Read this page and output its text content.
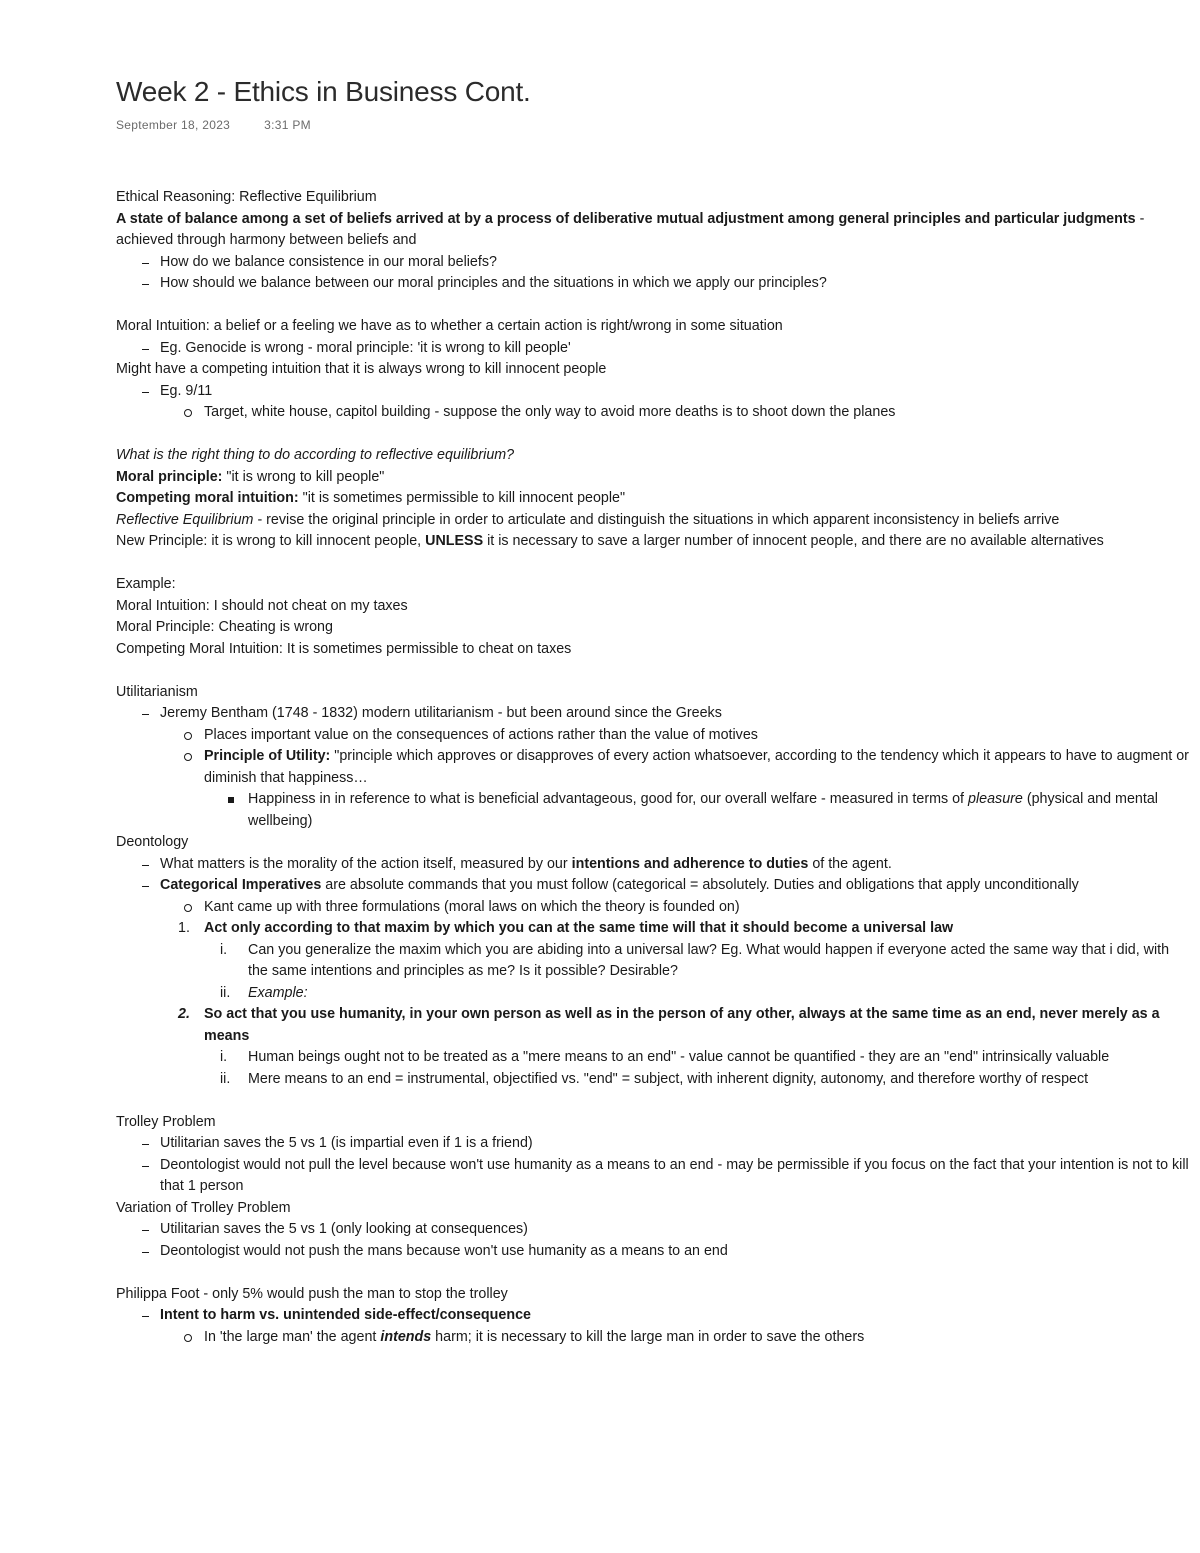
Week 2 - Ethics in Business Cont.
September 18, 2023	3:31 PM
Ethical Reasoning: Reflective Equilibrium
A state of balance among a set of beliefs arrived at by a process of deliberative mutual adjustment among general principles and particular judgments - achieved through harmony between beliefs and
How do we balance consistence in our moral beliefs?
How should we balance between our moral principles and the situations in which we apply our principles?
Moral Intuition: a belief or a feeling we have as to whether a certain action is right/wrong in some situation
Eg. Genocide is wrong - moral principle: 'it is wrong to kill people'
Might have a competing intuition that it is always wrong to kill innocent people
Eg. 9/11
Target, white house, capitol building - suppose the only way to avoid more deaths is to shoot down the planes
What is the right thing to do according to reflective equilibrium?
Moral principle: "it is wrong to kill people"
Competing moral intuition: "it is sometimes permissible to kill innocent people"
Reflective Equilibrium - revise the original principle in order to articulate and distinguish the situations in which apparent inconsistency in beliefs arrive
New Principle: it is wrong to kill innocent people, UNLESS it is necessary to save a larger number of innocent people, and there are no available alternatives
Example:
Moral Intuition: I should not cheat on my taxes
Moral Principle: Cheating is wrong
Competing Moral Intuition: It is sometimes permissible to cheat on taxes
Utilitarianism
Jeremy Bentham (1748 - 1832) modern utilitarianism - but been around since the Greeks
Places important value on the consequences of actions rather than the value of motives
Principle of Utility: "principle which approves or disapproves of every action whatsoever, according to the tendency which it appears to have to augment or diminish that happiness…
Happiness in in reference to what is beneficial advantageous, good for, our overall welfare - measured in terms of pleasure (physical and mental wellbeing)
Deontology
What matters is the morality of the action itself, measured by our intentions and adherence to duties of the agent.
Categorical Imperatives are absolute commands that you must follow (categorical = absolutely. Duties and obligations that apply unconditionally
Kant came up with three formulations (moral laws on which the theory is founded on)
1. Act only according to that maxim by which you can at the same time will that it should become a universal law
i. Can you generalize the maxim which you are abiding into a universal law? Eg. What would happen if everyone acted the same way that i did, with the same intentions and principles as me? Is it possible? Desirable?
ii. Example:
2. So act that you use humanity, in your own person as well as in the person of any other, always at the same time as an end, never merely as a means
i. Human beings ought not to be treated as a "mere means to an end" - value cannot be quantified - they are an "end" intrinsically valuable
ii. Mere means to an end = instrumental, objectified vs. "end" = subject, with inherent dignity, autonomy, and therefore worthy of respect
Trolley Problem
Utilitarian saves the 5 vs 1 (is impartial even if 1 is a friend)
Deontologist would not pull the level because won't use humanity as a means to an end - may be permissible if you focus on the fact that your intention is not to kill that 1 person
Variation of Trolley Problem
Utilitarian saves the 5 vs 1 (only looking at consequences)
Deontologist would not push the mans because won't use humanity as a means to an end
Philippa Foot - only 5% would push the man to stop the trolley
Intent to harm vs. unintended side-effect/consequence
In 'the large man' the agent intends harm; it is necessary to kill the large man in order to save the others
